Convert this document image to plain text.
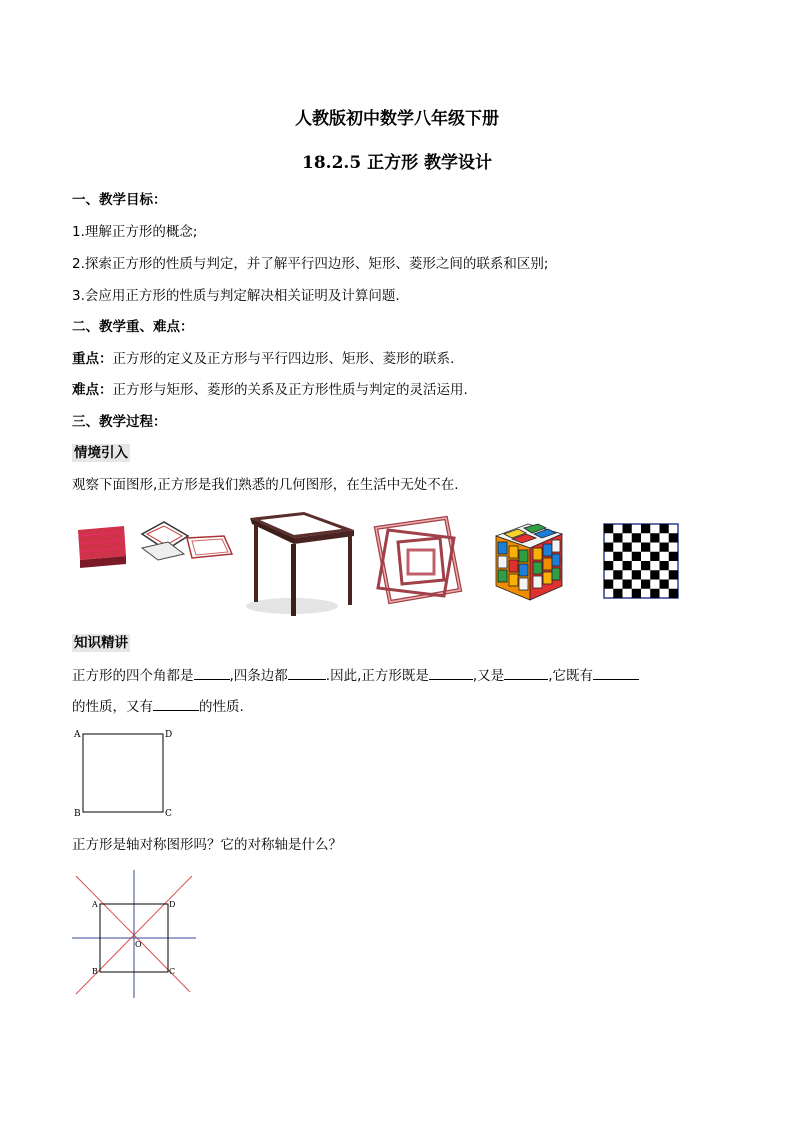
人教版初中数学八年级下册
18.2.5 正方形 教学设计
一、教学目标：
1.理解正方形的概念;
2.探索正方形的性质与判定，并了解平行四边形、矩形、菱形之间的联系和区别;
3.会应用正方形的性质与判定解决相关证明及计算问题.
二、教学重、难点：
重点：正方形的定义及正方形与平行四边形、矩形、菱形的联系.
难点：正方形与矩形、菱形的关系及正方形性质与判定的灵活运用.
三、教学过程：
情境引入
观察下面图形,正方形是我们熟悉的几何图形，在生活中无处不在.
知识精讲
正方形的四个角都是	,四条边都	.因此,正方形既是	,又是	,它既有
的性质，又有	的性质.
A	D
B	C
正方形是轴对称图形吗？它的对称轴是什么？
A	D
B	C
O
